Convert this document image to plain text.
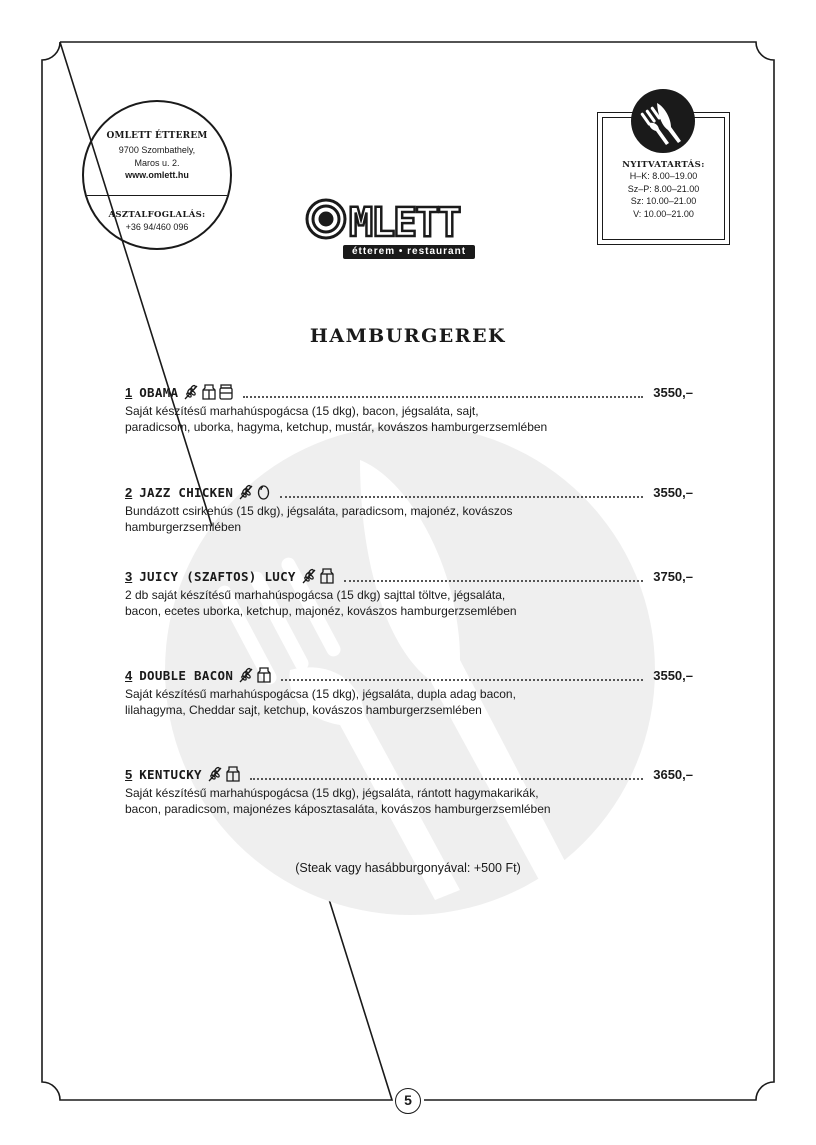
OMLETT ÉTTEREM
9700 Szombathely,
Maros u. 2.
www.omlett.hu
ASZTALFOGLALÁS:
+36 94/460 096	MLETT
étterem • restaurant
NYITVATARTÁS:
H–K: 8.00–19.00
Sz–P: 8.00–21.00
Sz: 10.00–21.00
V: 10.00–21.00
HAMBURGEREK
1 OBAMA	3550,–
Saját készítésű marhahúspogácsa (15 dkg), bacon, jégsaláta, sajt,
paradicsom, uborka, hagyma, ketchup, mustár, kovászos hamburgerzsemlében
2 JAZZ CHICKEN	3550,–
Bundázott csirkehús (15 dkg), jégsaláta, paradicsom, majonéz, kovászos hamburgerzsemlében
3 JUICY (SZAFTOS) LUCY	3750,–
2 db saját készítésű marhahúspogácsa (15 dkg) sajttal töltve, jégsaláta,
bacon, ecetes uborka, ketchup, majonéz, kovászos hamburgerzsemlében
4 DOUBLE BACON	3550,–
Saját készítésű marhahúspogácsa (15 dkg), jégsaláta, dupla adag bacon,
lilahagyma, Cheddar sajt, ketchup, kovászos hamburgerzsemlében
5 KENTUCKY	3650,–
Saját készítésű marhahúspogácsa (15 dkg), jégsaláta, rántott hagymakarikák,
bacon, paradicsom, majonézes káposztasaláta, kovászos hamburgerzsemlében
(Steak vagy hasábburgonyával: +500 Ft)
5
